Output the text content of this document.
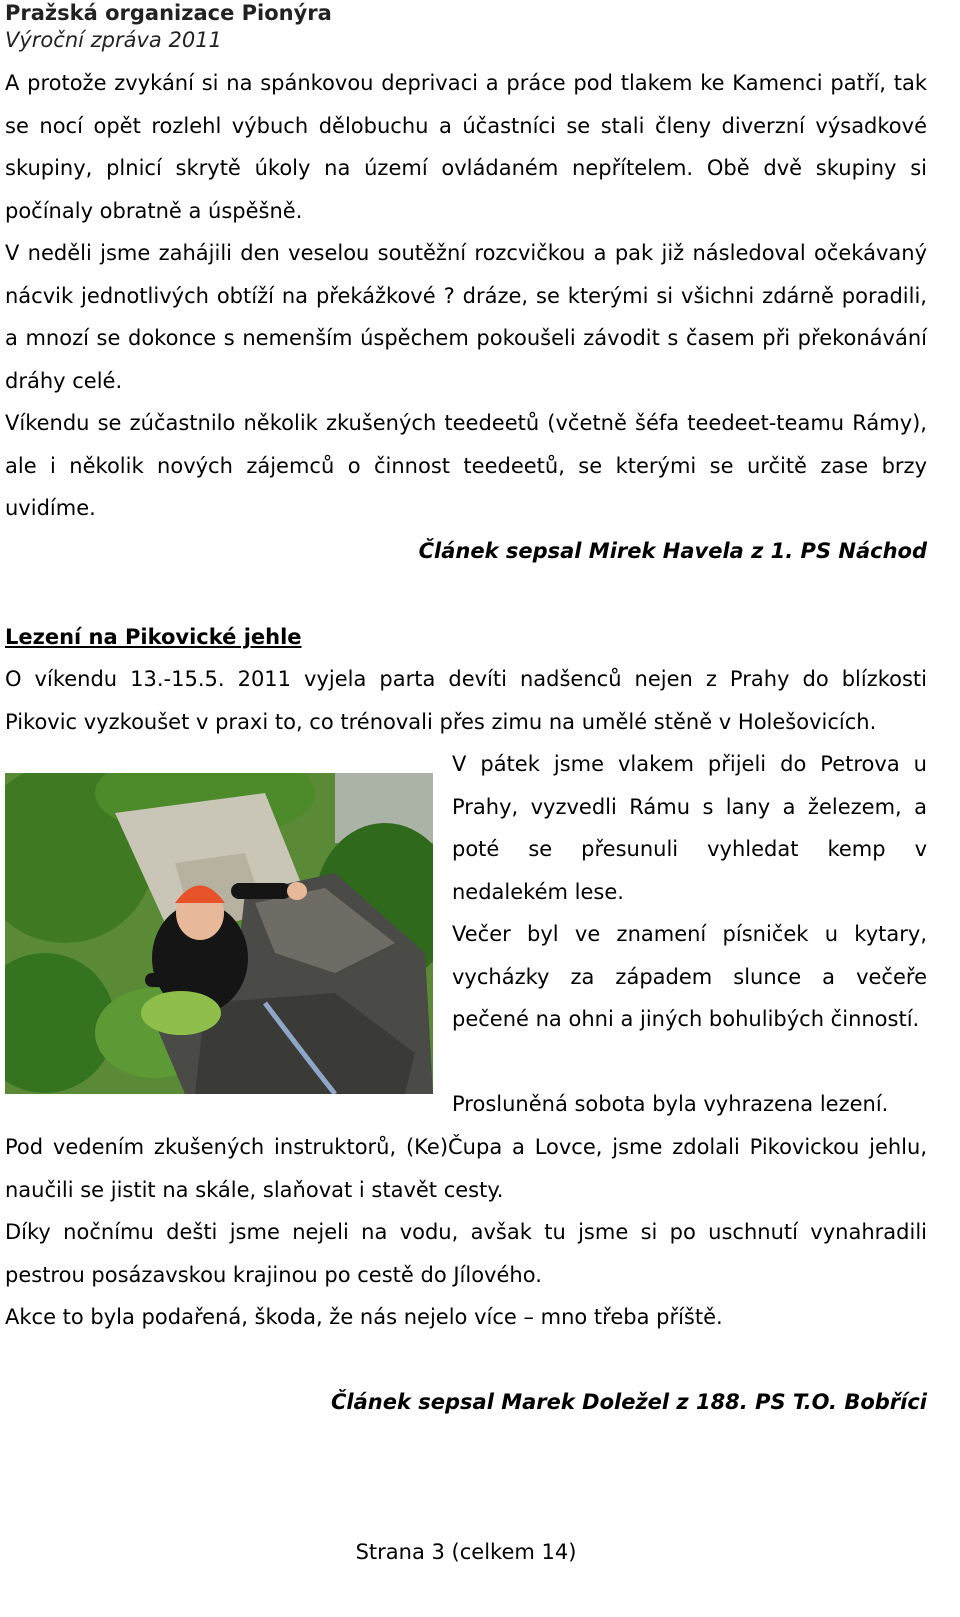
Pražská organizace Pionýra
Výroční zpráva 2011

A protože zvykání si na spánkovou deprivaci a práce pod tlakem ke Kamenci patří, tak se nocí opět rozlehl výbuch dělobuchu a účastníci se stali členy diverzní výsadkové skupiny, plnicí skrytě úkoly na území ovládaném nepřítelem. Obě dvě skupiny si počínaly obratně a úspěšně.

V neděli jsme zahájili den veselou soutěžní rozcvičkou a pak již následoval očekávaný nácvik jednotlivých obtíží na překážkové ? dráze, se kterými si všichni zdárně poradili, a mnozí se dokonce s nemenším úspěchem pokoušeli závodit s časem při překonávání dráhy celé.

Víkendu se zúčastnilo několik zkušených teedeetů (včetně šéfa teedeet-teamu Rámy), ale i několik nových zájemců o činnost teedeetů, se kterými se určitě zase brzy uvidíme.

Článek sepsal Mirek Havela z 1. PS Náchod
Lezení na Pikovické jehle

O víkendu 13.-15.5. 2011 vyjela parta devíti nadšenců nejen z Prahy do blízkosti Pikovic vyzkoušet v praxi to, co trénovali přes zimu na umělé stěně v Holešovicích.

V pátek jsme vlakem přijeli do Petrova u Prahy, vyzvedli Rámu s lany a železem, a poté se přesunuli vyhledat kemp v nedalekém lese.

Večer byl ve znamení písniček u kytary, vycházky za západem slunce a večeře pečené na ohni a jiných bohulibých činností.

Prosluněná sobota byla vyhrazena lezení.

Pod vedením zkušených instruktorů, (Ke)Čupa a Lovce, jsme zdolali Pikovickou jehlu, naučili se jistit na skále, slaňovat i stavět cesty.

Díky nočnímu dešti jsme nejeli na vodu, avšak tu jsme si po uschnutí vynahradili pestrou posázavskou krajinou po cestě do Jílového.

Akce to byla podařená, škoda, že nás nejelo více – mno třeba příště.

Článek sepsal Marek Doležel z 188. PS T.O. Bobříci
Strana 3 (celkem 14)
